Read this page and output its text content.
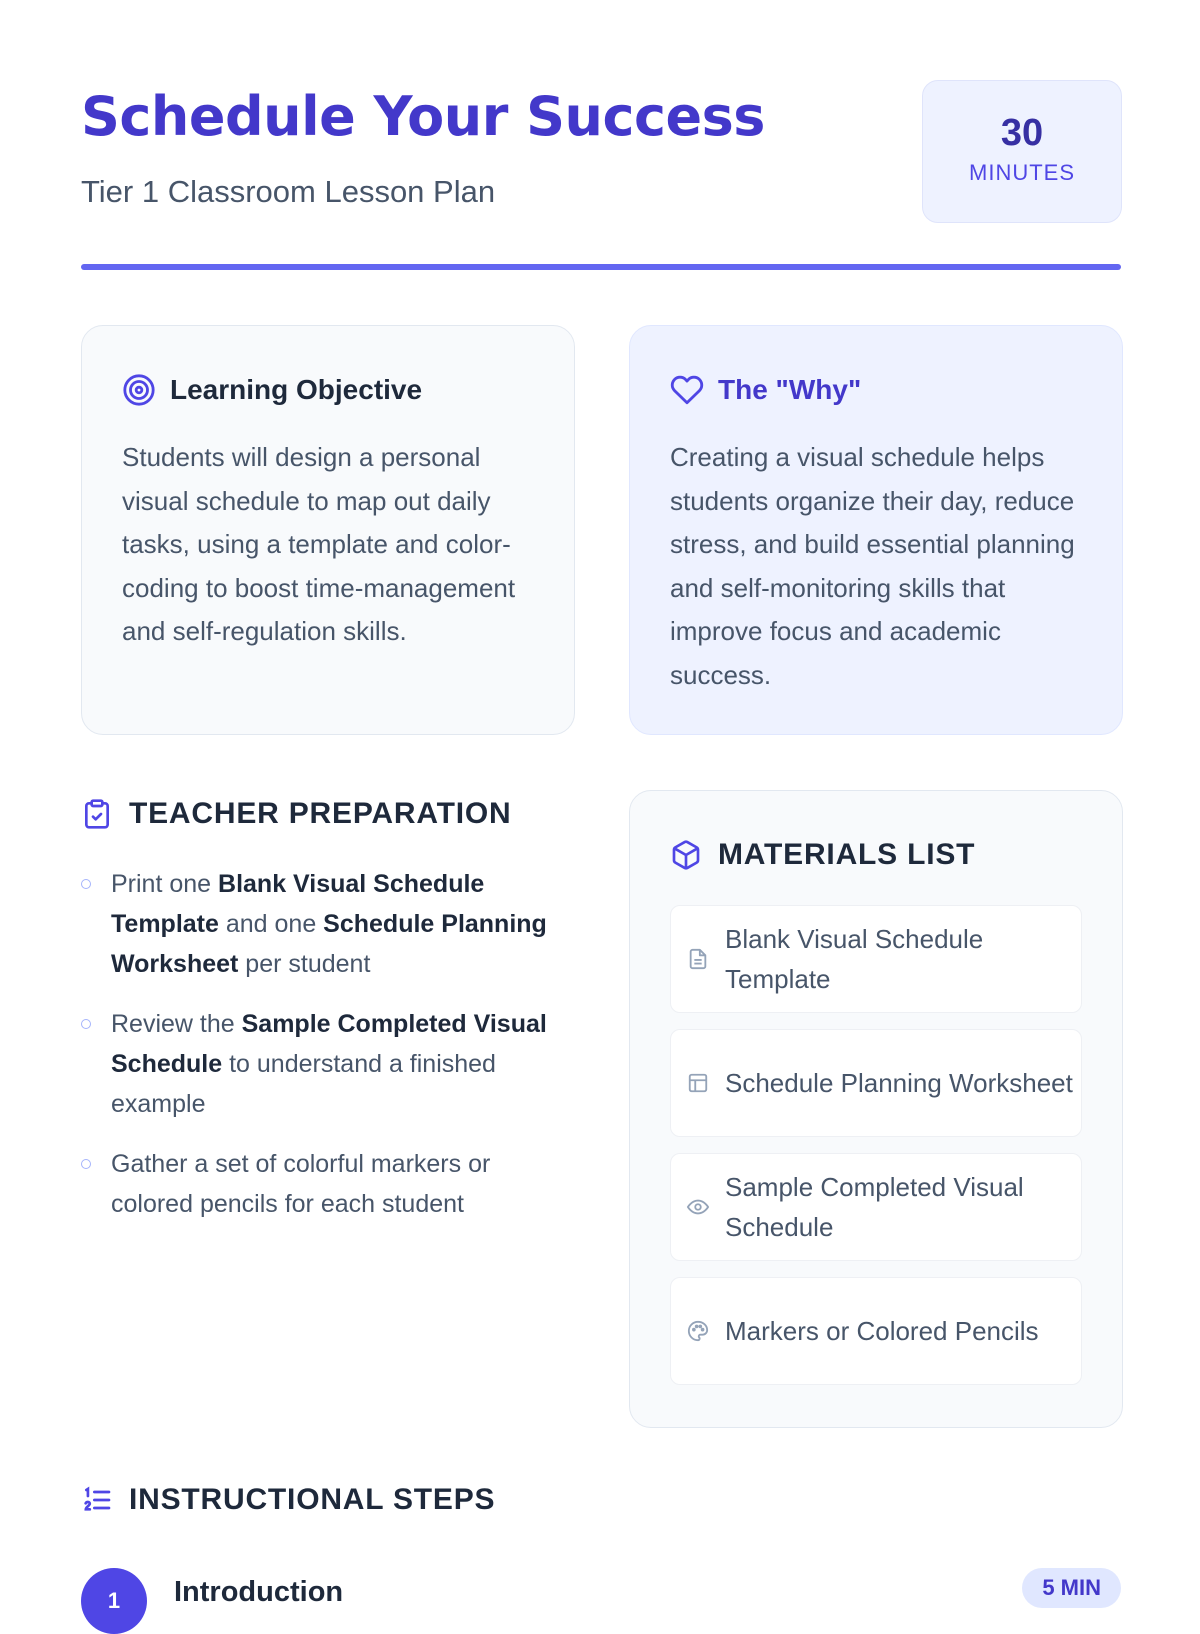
Schedule Your Success
Tier 1 Classroom Lesson Plan
30
MINUTES
Learning Objective

Students will design a personal visual schedule to map out daily tasks, using a template and color-coding to boost time-management and self-regulation skills.

The "Why"

Creating a visual schedule helps students organize their day, reduce stress, and build essential planning and self-monitoring skills that improve focus and academic success.

TEACHER PREPARATION
Print one Blank Visual Schedule Template and one Schedule Planning Worksheet per student
Review the Sample Completed Visual Schedule to understand a finished example
Gather a set of colorful markers or colored pencils for each student
MATERIALS LIST
Blank Visual Schedule Template
Schedule Planning Worksheet
Sample Completed Visual Schedule
Markers or Colored Pencils
INSTRUCTIONAL STEPS
1	Introduction	5 MIN
